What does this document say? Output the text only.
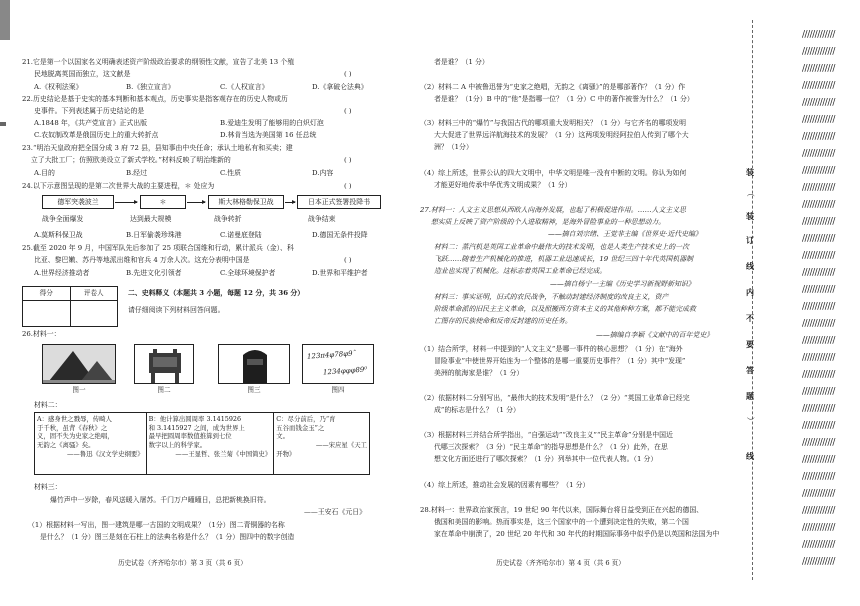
21.它是第一个以国家名义明确表述资产阶级政治要求的纲领性文献，宣告了北美 13 个殖
民地脱离英国而独立，这文献是	( )
A.《权利法案》	B.《独立宣言》	C.《人权宣言》	D.《拿破仑法典》
22.历史结论是基于史实的基本判断和基本观点，历史事实是指客观存在的历史人物或历
史事件。下列表述属于历史结论的是	( )
A.1848 年，《共产党宣言》正式出版	B.爱迪生发明了能够用的白炽灯泡
C.农奴制改革是俄国历史上的重大转折点	D.林肯当选为美国第 16 任总统
23.“明治天皇政府把全国分成 3 府 72 县，县知事由中央任命；承认土地私有和买卖；建
 立了大批工厂；仿照欧美设立了新式学校。”材料反映了明治维新的	( )
A.目的	B.经过	C.性质	D.内容
24.以下示意图呈现的是第二次世界大战的主要进程，＊ 处应为	( )
德军突袭波兰	＊	斯大林格勒保卫战	日本正式签署投降书
战争全面爆发	达到最大规模	战争转折	战争结束
A.莫斯科保卫战	B.日军偷袭珍珠港	C.诺曼底登陆	D.德国无条件投降
25.截至 2020 年 9 月，中国军队先后参加了 25 项联合国维和行动，累计派兵（金）、科
比亚、黎巴嫩、苏丹等地派出维和官兵 4 万余人次。这充分表明中国是	( )
A.世界经济推动者	B.先进文化引领者	C.全球环境保护者	D.世界和平维护者
得分	评卷人
		二、史料释义（本题共 3 小题，每题 12 分，共 36 分）
请仔细阅读下列材料回答问题。
26.材料一：
123π4φ78φ9ˆ
1234φφφ89⁰
图一	图二	图三	图四
材料二：
A：感身世之戮辱，传畸人
于千秋，虽背《春秋》之
义，固不失为史家之绝唱，
无韵之《离骚》矣。
——鲁迅《汉文学史纲要》

B：他计算出圆周率 3.1415926
和 3.1415927 之间，成为世界上
最早把圆周率数值推算到七位
数字以上的科学家。
——王显哲、张兰菊《中国简史》

C：尽分前后，乃“育
五谷而钱金玉”之
文。
——宋应星《天工
开物》
材料三：
爆竹声中一岁除，春风送暖入屠苏。千门万户曈曈日，总把新桃换旧符。
——王安石《元日》
（1）根据材料一写出，图一建筑是哪一古国的文明成果？（1分）图二青铜器的名称
是什么？（1 分）图三是刻在石柱上的法典名称是什么？（1 分）图四中的数字创造
历史试卷（齐齐哈尔市）第 3 页（共 6 页）
者是谁？（1 分）
（2）材料二 A 中被鲁迅誉为“史家之绝唱，无韵之《离骚》”的是哪部著作？（1 分）作
者是谁？（1分）B 中的“他”是指哪一位？（1 分）C 中的著作被誉为什么？（1 分）
（3）材料三中的“爆竹”与我国古代的哪项重大发明相关？（1 分）与它齐名的哪项发明
大大促进了世界远洋航海技术的发展？（1 分）这两项发明经阿拉伯人传到了哪个大
洲？（1分）
（4）综上所述，世界公认的四大文明中，中华文明是唯一没有中断的文明。你认为如何
才能更好地传承中华优秀文明成果？（1 分）
27.材料一：人文主义思想从西欧人向海外发展，也起了积极促进作用。……人文主义思
 想实质上反映了资产阶级的个人进取精神，是海外冒险事业的一种思想动力。
——摘自刘宗绪、王觉非主编《世界史·近代史编》
材料二：蒸汽机是英国工业革命中最伟大的技术发明，也是人类生产技术史上的一次
飞跃……随着生产机械化的推进，机器工业迅速成长，19 世纪三四十年代英国机器制
造业也实现了机械化。这标志着英国工业革命已经完成。
——摘自杨宁一主编《历史学习新视野新知识》
材料三：事实证明，旧式的农民战争，不触动封建经济制度的改良主义，资产
阶级革命派的旧民主主义革命，以及照搬西方资本主义的其他种种方案，都不能完成救
亡图存的民族使命和反帝反封建的历史任务。
——摘编自李颖《文献中的百年党史》
（1）结合所学，材料一中提到的“人文主义”是哪一事件的核心思想？（1 分）在“海外
冒险事业”中使世界开始连为一个整体的是哪一重要历史事件？（1 分）其中“发现”
美洲的航海家是谁？（1 分）
（2）依据材料二分别写出，“最伟大的技术发明”是什么？（2 分）“英国工业革命已经完
成”的标志是什么？（1 分）
（3）根据材料三并结合所学指出，“自强运动”“改良主义”“民主革命”分别是中国近
代哪三次探索？（3 分）“民主革命”的指导思想是什么？（1 分）此外，在思
想文化方面还进行了哪次探索？（1 分）列举其中一位代表人物。（1 分）
（4）综上所述，推动社会发展的因素有哪些？（1 分）
28.材料一：世界政治家预言，19 世纪 90 年代以来，国际舞台将日益受到正在兴起的德国、
俄国和美国的影响。热而事实是，这三个国家中的一个遭到决定性的失败，第二个国
家在革命中崩溃了，20 世纪 20 年代和 30 年代的时期国际事务中似乎仍是以英国和法国为中
历史试卷（齐齐哈尔市）第 4 页（共 6 页）
装
（
装
订
线
内
不
要
答
题
）
线
/////////////
/////////////
/////////////
/////////////
/////////////
/////////////
/////////////
/////////////
/////////////
/////////////
/////////////
/////////////
/////////////
/////////////
/////////////
/////////////
/////////////
/////////////
/////////////
/////////////
/////////////
/////////////
/////////////
/////////////
/////////////
/////////////
/////////////
/////////////
/////////////
/////////////
/////////////
/////////////
